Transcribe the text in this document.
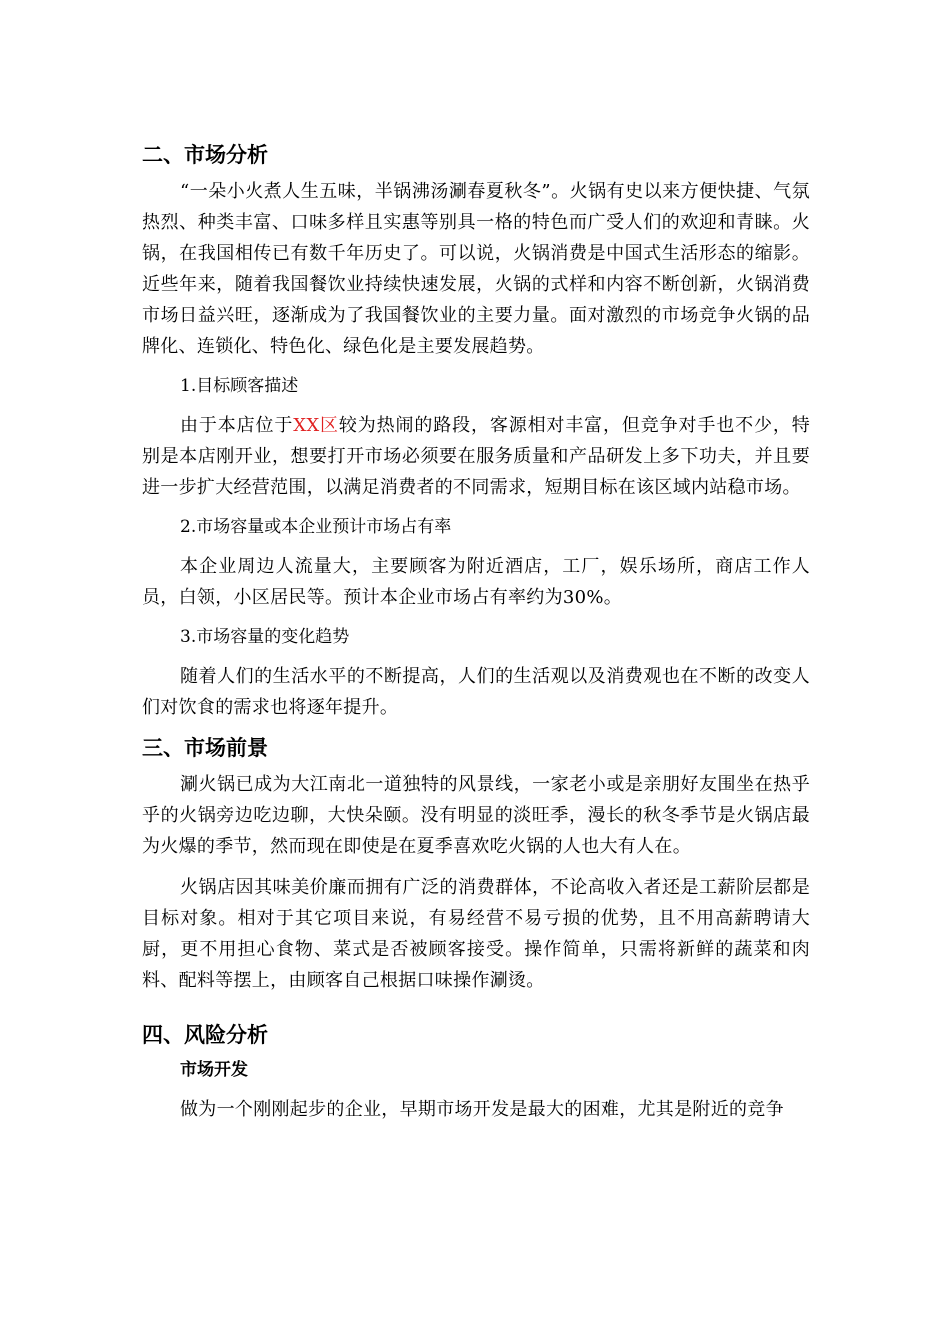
二、市场分析

“一朵小火煮人生五味，半锅沸汤涮春夏秋冬”。火锅有史以来方便快捷、气氛热烈、种类丰富、口味多样且实惠等别具一格的特色而广受人们的欢迎和青睐。火锅，在我国相传已有数千年历史了。可以说，火锅消费是中国式生活形态的缩影。近些年来，随着我国餐饮业持续快速发展，火锅的式样和内容不断创新，火锅消费市场日益兴旺，逐渐成为了我国餐饮业的主要力量。面对激烈的市场竞争火锅的品牌化、连锁化、特色化、绿色化是主要发展趋势。

1.目标顾客描述

由于本店位于XX区较为热闹的路段，客源相对丰富，但竞争对手也不少，特别是本店刚开业，想要打开市场必须要在服务质量和产品研发上多下功夫，并且要进一步扩大经营范围，以满足消费者的不同需求，短期目标在该区域内站稳市场。

2.市场容量或本企业预计市场占有率

本企业周边人流量大，主要顾客为附近酒店，工厂，娱乐场所，商店工作人员，白领，小区居民等。预计本企业市场占有率约为30%。

3.市场容量的变化趋势

随着人们的生活水平的不断提高，人们的生活观以及消费观也在不断的改变人们对饮食的需求也将逐年提升。

三、市场前景

涮火锅已成为大江南北一道独特的风景线，一家老小或是亲朋好友围坐在热乎乎的火锅旁边吃边聊，大快朵颐。没有明显的淡旺季，漫长的秋冬季节是火锅店最为火爆的季节，然而现在即使是在夏季喜欢吃火锅的人也大有人在。

火锅店因其味美价廉而拥有广泛的消费群体，不论高收入者还是工薪阶层都是目标对象。相对于其它项目来说，有易经营不易亏损的优势，且不用高薪聘请大厨，更不用担心食物、菜式是否被顾客接受。操作简单，只需将新鲜的蔬菜和肉料、配料等摆上，由顾客自己根据口味操作涮烫。

四、风险分析

市场开发

做为一个刚刚起步的企业，早期市场开发是最大的困难，尤其是附近的竞争
